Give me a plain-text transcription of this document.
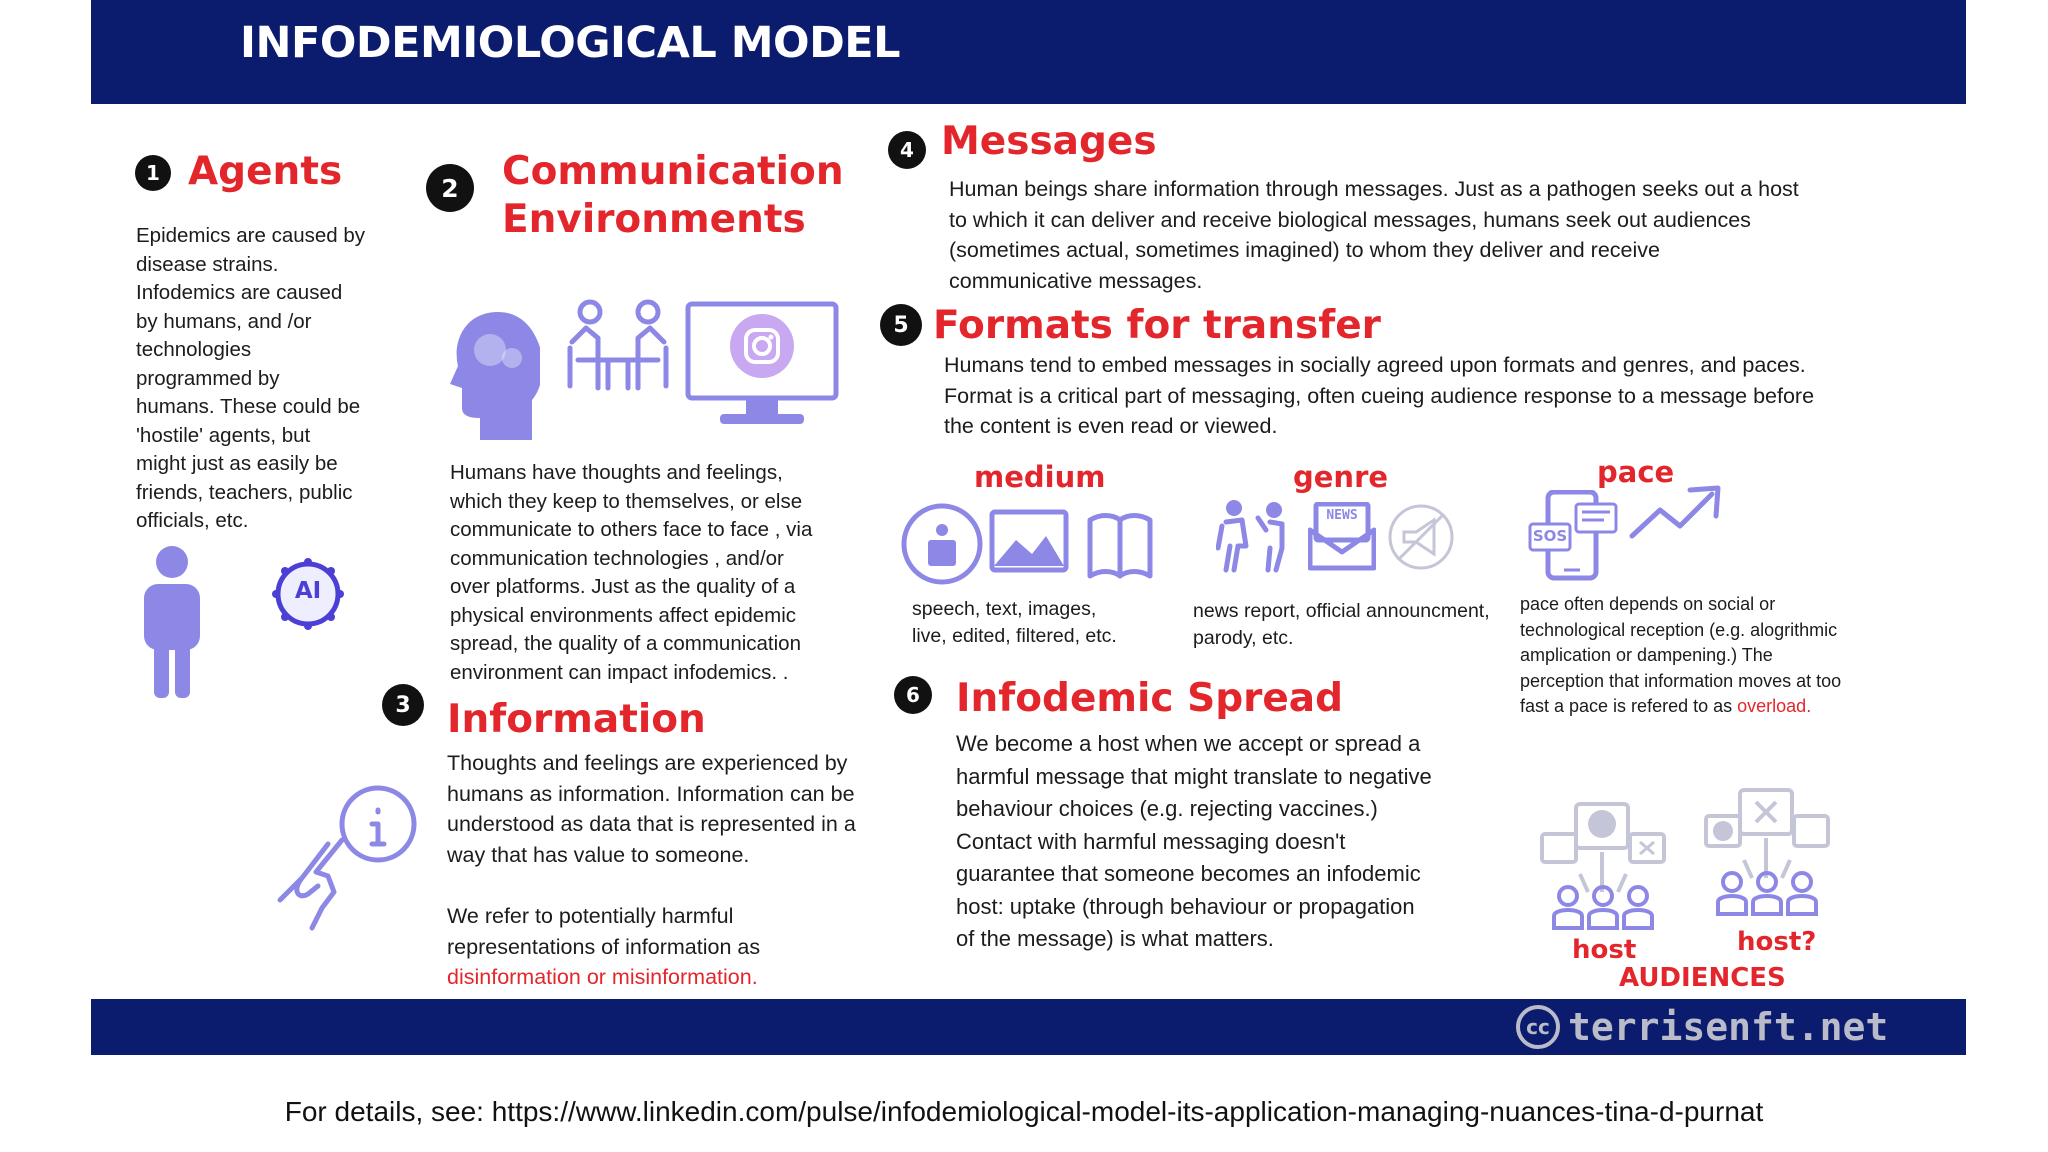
INFODEMIOLOGICAL MODEL
1 Agents
Epidemics are caused by
disease strains.
Infodemics are caused
by humans, and /or
technologies
programmed by
humans. These could be
'hostile' agents, but
might just as easily be
friends, teachers, public
officials, etc.
AI
2	Communication
Environments
Humans have thoughts and feelings,
which they keep to themselves, or else
communicate to others face to face , via
communication technologies , and/or
over platforms. Just as the quality of a
physical environments affect epidemic
spread, the quality of a communication
environment can impact infodemics. .
3 Information
Thoughts and feelings are experienced by
humans as information. Information can be
understood as data that is represented in a
way that has value to someone.
We refer to potentially harmful
representations of information as
disinformation or misinformation.
4 Messages
Human beings share information through messages. Just as a pathogen seeks out a host
to which it can deliver and receive biological messages, humans seek out audiences
(sometimes actual, sometimes imagined) to whom they deliver and receive
communicative messages.
5 Formats for transfer
Humans tend to embed messages in socially agreed upon formats and genres, and paces.
Format is a critical part of messaging, often cueing audience response to a message before
the content is even read or viewed.
medium
speech, text, images,
live, edited, filtered, etc.
genre
NEWS
news report, official announcment,
parody, etc.
pace
SOS
pace often depends on social or
technological reception (e.g. alogrithmic
amplication or dampening.) The
perception that information moves at too
fast a pace is refered to as overload.
6 Infodemic Spread
We become a host when we accept or spread a
harmful message that might translate to negative
behaviour choices (e.g. rejecting vaccines.)
Contact with harmful messaging doesn't
guarantee that someone becomes an infodemic
host: uptake (through behaviour or propagation
of the message) is what matters.	host	host?
AUDIENCES
cc terrisenft.net
For details, see: https://www.linkedin.com/pulse/infodemiological-model-its-application-managing-nuances-tina-d-purnat
